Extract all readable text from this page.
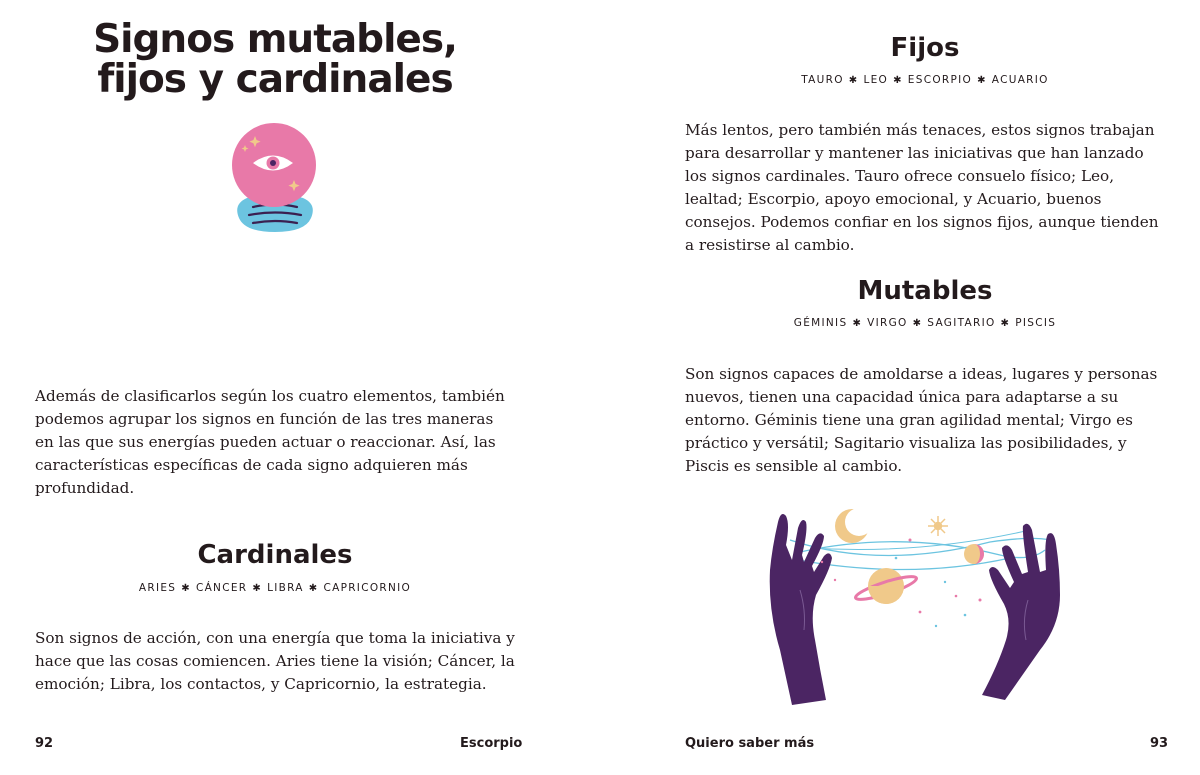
Signos mutables,
fijos y cardinales

Además de clasificarlos según los cuatro elementos, también podemos agrupar los signos en función de las tres maneras en las que sus energías pueden actuar o reaccionar. Así, las características específicas de cada signo adquieren más profundidad.

Cardinales
ARIES ✱ CÁNCER ✱ LIBRA ✱ CAPRICORNIO

Son signos de acción, con una energía que toma la iniciativa y hace que las cosas comiencen. Aries tiene la visión; Cáncer, la emoción; Libra, los contactos, y Capricornio, la estrategia.

92	Escorpio
Fijos
TAURO ✱ LEO ✱ ESCORPIO ✱ ACUARIO

Más lentos, pero también más tenaces, estos signos trabajan para desarrollar y mantener las iniciativas que han lanzado los signos cardinales. Tauro ofrece consuelo físico; Leo, lealtad; Escorpio, apoyo emocional, y Acuario, buenos consejos. Podemos confiar en los signos fijos, aunque tienden a resistirse al cambio.

Mutables
GÉMINIS ✱ VIRGO ✱ SAGITARIO ✱ PISCIS

Son signos capaces de amoldarse a ideas, lugares y personas nuevos, tienen una capacidad única para adaptarse a su entorno. Géminis tiene una gran agilidad mental; Virgo es práctico y versátil; Sagitario visualiza las posibilidades, y Piscis es sensible al cambio.

Quiero saber más	93
